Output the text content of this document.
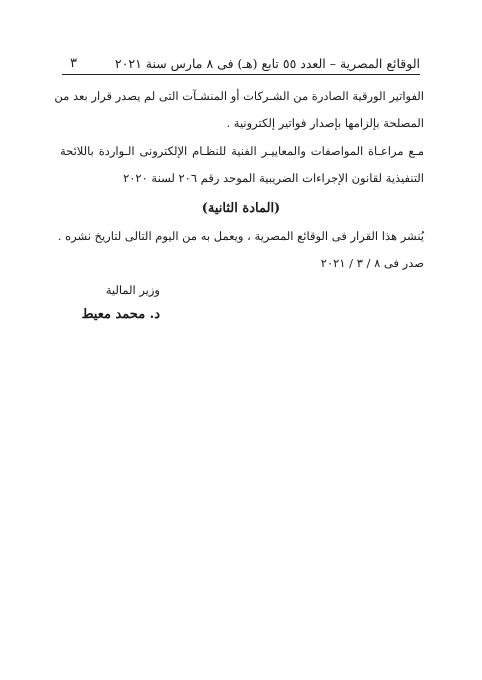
الوقائع المصرية – العدد ٥٥ تابع (هـ) فى ٨ مارس سنة ٢٠٢١
٣
الفواتير الورقية الصادرة من الشـركات أو المنشـآت التى لم يصدر قرار بعد من
المصلحة بإلزامها بإصدار فواتير إلكترونية .
مـع مراعـاة المواصفات والمعاييـر الفنية للنظـام الإلكترونى الـواردة باللائحة
التنفيذية لقانون الإجراءات الضريبية الموحد رقم ٢٠٦ لسنة ٢٠٢٠
(المادة الثانية)
يُنشر هذا القرار فى الوقائع المصرية ، ويعمل به من اليوم التالى لتاريخ نشره .
صدر فى ٨ / ٣ / ٢٠٢١
وزير المالية
د. محمد معيط
